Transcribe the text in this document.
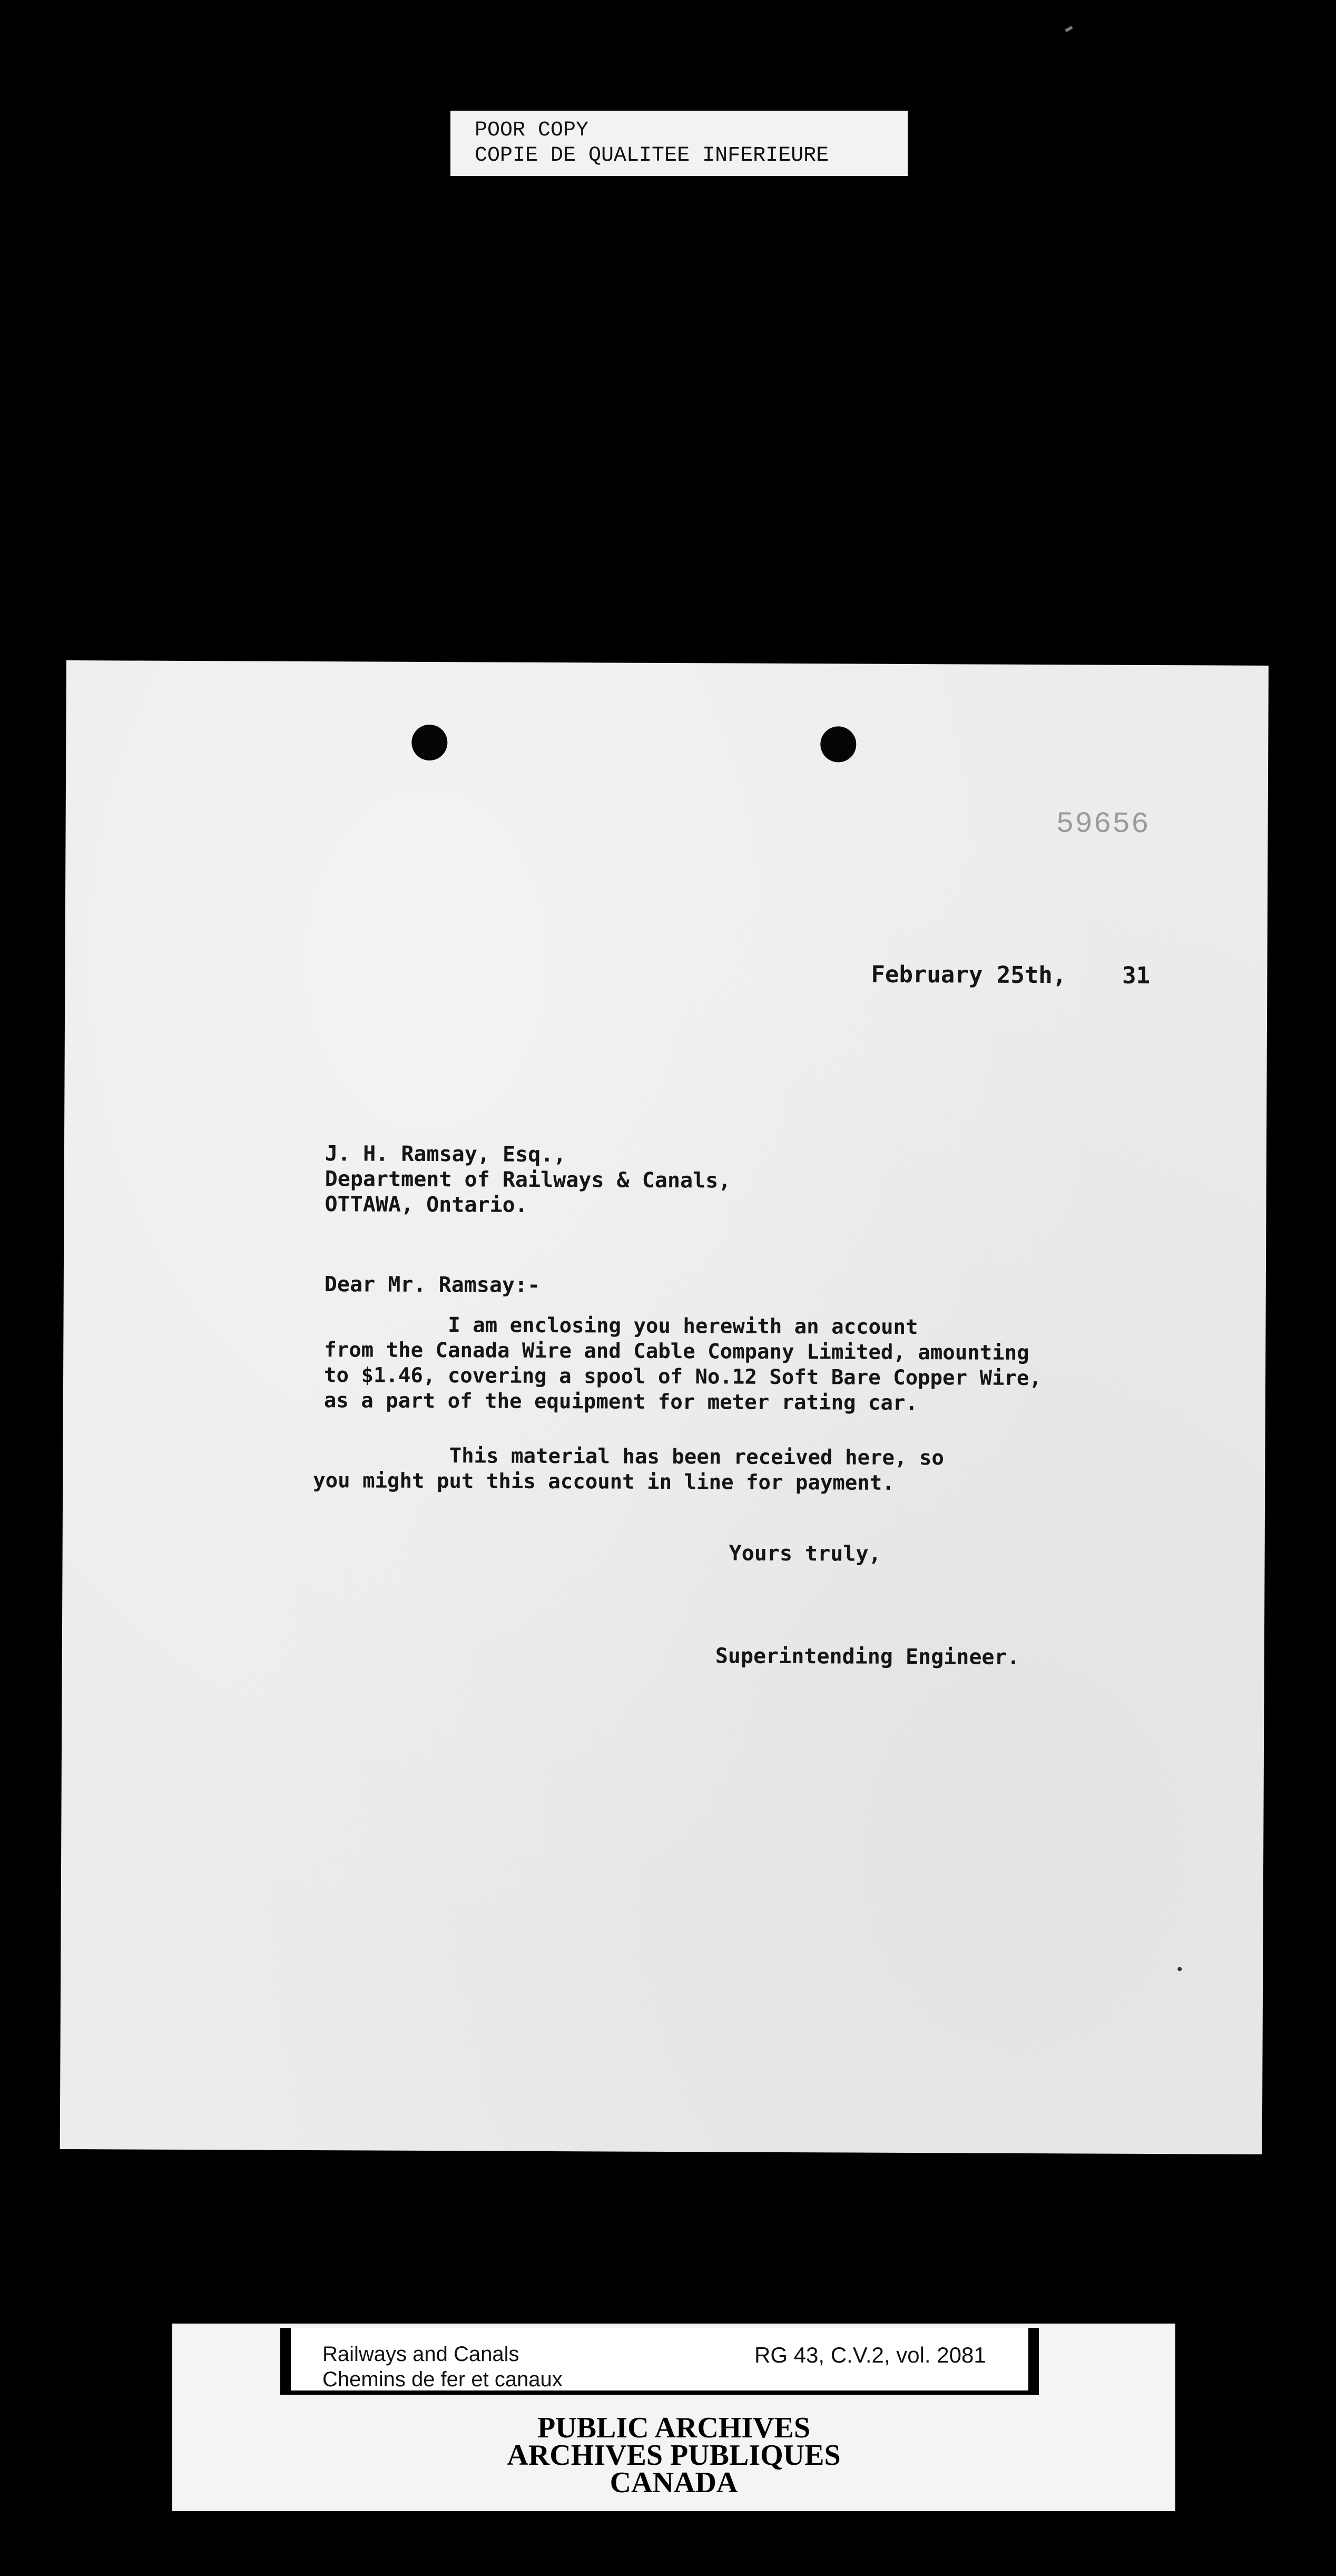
POOR COPY
COPIE DE QUALITEE INFERIEURE
59656
February 25th,    31
J. H. Ramsay, Esq.,
Department of Railways & Canals,
OTTAWA, Ontario.
Dear Mr. Ramsay:-
I am enclosing you herewith an account
from the Canada Wire and Cable Company Limited, amounting
to $1.46, covering a spool of No.12 Soft Bare Copper Wire,
as a part of the equipment for meter rating car.
This material has been received here, so
you might put this account in line for payment.
Yours truly,
Superintending Engineer.
Railways and Canals
Chemins de fer et canaux
RG 43, C.V.2, vol. 2081
PUBLIC ARCHIVES
ARCHIVES PUBLIQUES
CANADA
